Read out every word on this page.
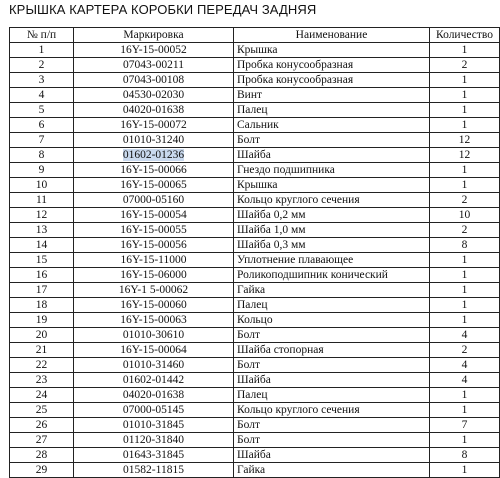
КРЫШКА КАРТЕРА КОРОБКИ ПЕРЕДАЧ ЗАДНЯЯ
№ п/п	Маркировка	Наименование	Количество
1	16Y-15-00052	Крышка	1
2	07043-00211	Пробка конусообразная	2
3	07043-00108	Пробка конусообразная	1
4	04530-02030	Винт	1
5	04020-01638	Палец	1
6	16Y-15-00072	Сальник	1
7	01010-31240	Болт	12
8	01602-01236	Шайба	12
9	16Y-15-00066	Гнездо подшипника	1
10	16Y-15-00065	Крышка	1
11	07000-05160	Кольцо круглого сечения	2
12	16Y-15-00054	Шайба 0,2 мм	10
13	16Y-15-00055	Шайба 1,0 мм	2
14	16Y-15-00056	Шайба 0,3 мм	8
15	16Y-15-11000	Уплотнение плавающее	1
16	16Y-15-06000	Роликоподшипник конический	1
17	16Y-1 5-00062	Гайка	1
18	16Y-15-00060	Палец	1
19	16Y-15-00063	Кольцо	1
20	01010-30610	Болт	4
21	16Y-15-00064	Шайба стопорная	2
22	01010-31460	Болт	4
23	01602-01442	Шайба	4
24	04020-01638	Палец	1
25	07000-05145	Кольцо круглого сечения	1
26	01010-31845	Болт	7
27	01120-31840	Болт	1
28	01643-31845	Шайба	8
29	01582-11815	Гайка	1
